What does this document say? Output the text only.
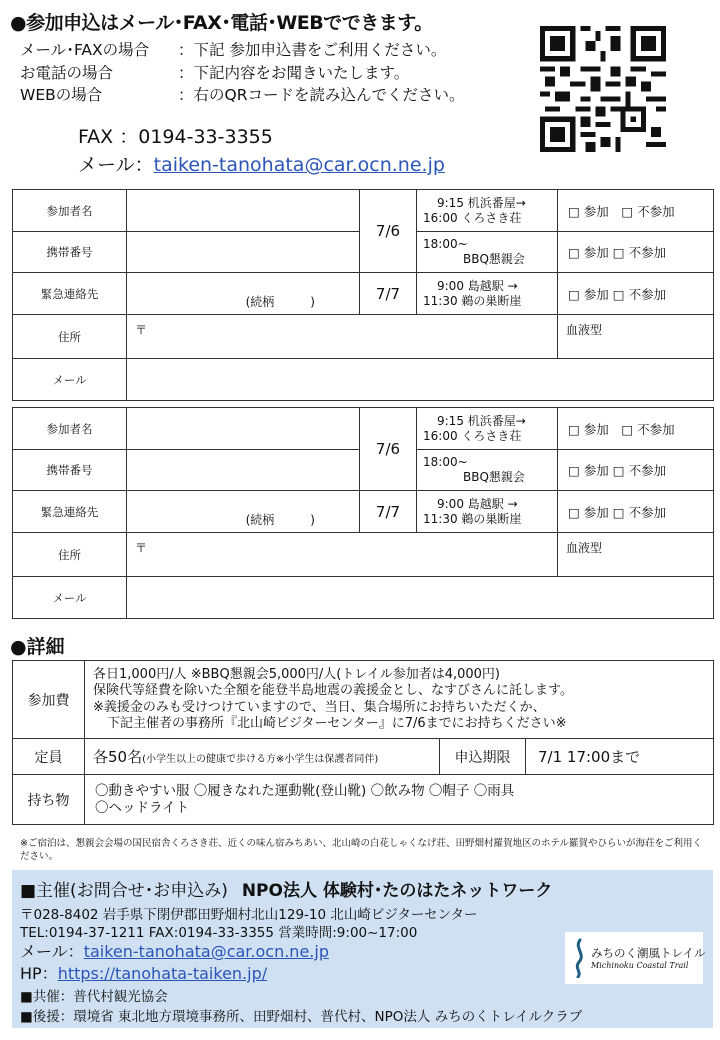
●参加申込はメール･FAX･電話･WEBでできます。
メール･FAXの場合 ：下記 参加申込書をご利用ください。
お電話の場合	：下記内容をお聞きいたします。
WEBの場合	：右のQRコードを読み込んでください。
FAX ：0194-33-3355
メール：taiken-tanohata@car.ocn.ne.jp
参加者名		7/6	9:15 机浜番屋→
16:00 くろさき荘	□ 参加　 □ 不参加
携帯番号			18:00~
BBQ懇親会	□ 参加 □ 不参加
緊急連絡先	(続柄　　　)	7/7	9:00 島越駅 →
11:30 鵜の巣断崖	□ 参加 □ 不参加
住所	〒			血液型
メール				
参加者名		7/6	9:15 机浜番屋→
16:00 くろさき荘	□ 参加　 □ 不参加
携帯番号			18:00~
BBQ懇親会	□ 参加 □ 不参加
緊急連絡先	(続柄　　　)	7/7	9:00 島越駅 →
11:30 鵜の巣断崖	□ 参加 □ 不参加
住所	〒			血液型
メール				
●詳細
参加費	各日1,000円/人 ※BBQ懇親会5,000円/人(トレイル参加者は4,000円)
保険代等経費を除いた全額を能登半島地震の義援金とし、なすびさんに託します。
※義援金のみも受けつけていますので、当日、集合場所にお持ちいただくか、
下記主催者の事務所『北山崎ビジターセンター』に7/6までにお持ちください※		

定員	各50名(小学生以上の健康で歩ける方※小学生は保護者同伴)	申込期限	7/1 17:00まで
持ち物	〇動きやすい服 〇履きなれた運動靴(登山靴) 〇飲み物 〇帽子 〇雨具
〇ヘッドライト		
※ご宿泊は、懇親会会場の国民宿舎くろさき荘、近くの味ん宿みちあい、北山崎の白花しゃくなげ荘、田野畑村羅賀地区のホテル羅賀やひらいが海荘をご利用ください。
■主催(お問合せ･お申込み) NPO法人 体験村･たのはたネットワーク
〒028-8402 岩手県下閉伊郡田野畑村北山129-10 北山崎ビジターセンター
TEL:0194-37-1211 FAX:0194-33-3355 営業時間:9:00~17:00
メール：taiken-tanohata@car.ocn.ne.jp
HP：https://tanohata-taiken.jp/
■共催：普代村観光協会
■後援：環境省 東北地方環境事務所、田野畑村、普代村、NPO法人 みちのくトレイルクラブ
みちのく潮風トレイル
Michinoku Coastal Trail
